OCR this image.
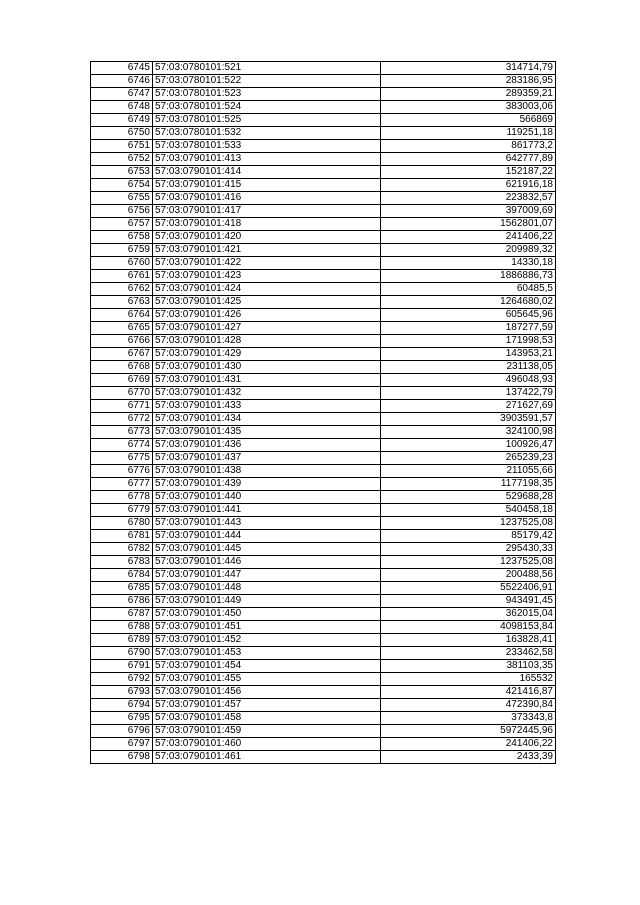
6745	57:03:0780101:521	314714,79
6746	57:03:0780101:522	283186,95
6747	57:03:0780101:523	289359,21
6748	57:03:0780101:524	383003,06
6749	57:03:0780101:525	566869
6750	57:03:0780101:532	119251,18
6751	57:03:0780101:533	861773,2
6752	57:03:0790101:413	642777,89
6753	57:03:0790101:414	152187,22
6754	57:03:0790101:415	621916,18
6755	57:03:0790101:416	223832,57
6756	57:03:0790101:417	397009,69
6757	57:03:0790101:418	1562801,07
6758	57:03:0790101:420	241406,22
6759	57:03:0790101:421	209989,32
6760	57:03:0790101:422	14330,18
6761	57:03:0790101:423	1886886,73
6762	57:03:0790101:424	60485,5
6763	57:03:0790101:425	1264680,02
6764	57:03:0790101:426	605645,96
6765	57:03:0790101:427	187277,59
6766	57:03:0790101:428	171998,53
6767	57:03:0790101:429	143953,21
6768	57:03:0790101:430	231138,05
6769	57:03:0790101:431	496048,93
6770	57:03:0790101:432	137422,79
6771	57:03:0790101:433	271627,69
6772	57:03:0790101:434	3903591,57
6773	57:03:0790101:435	324100,98
6774	57:03:0790101:436	100926,47
6775	57:03:0790101:437	265239,23
6776	57:03:0790101:438	211055,66
6777	57:03:0790101:439	1177198,35
6778	57:03:0790101:440	529688,28
6779	57:03:0790101:441	540458,18
6780	57:03:0790101:443	1237525,08
6781	57:03:0790101:444	85179,42
6782	57:03:0790101:445	295430,33
6783	57:03:0790101:446	1237525,08
6784	57:03:0790101:447	200488,56
6785	57:03:0790101:448	5522406,91
6786	57:03:0790101:449	943491,45
6787	57:03:0790101:450	362015,04
6788	57:03:0790101:451	4098153,84
6789	57:03:0790101:452	163828,41
6790	57:03:0790101:453	233462,58
6791	57:03:0790101:454	381103,35
6792	57:03:0790101:455	165532
6793	57:03:0790101:456	421416,87
6794	57:03:0790101:457	472390,84
6795	57:03:0790101:458	373343,8
6796	57:03:0790101:459	5972445,96
6797	57:03:0790101:460	241406,22
6798	57:03:0790101:461	2433,39
